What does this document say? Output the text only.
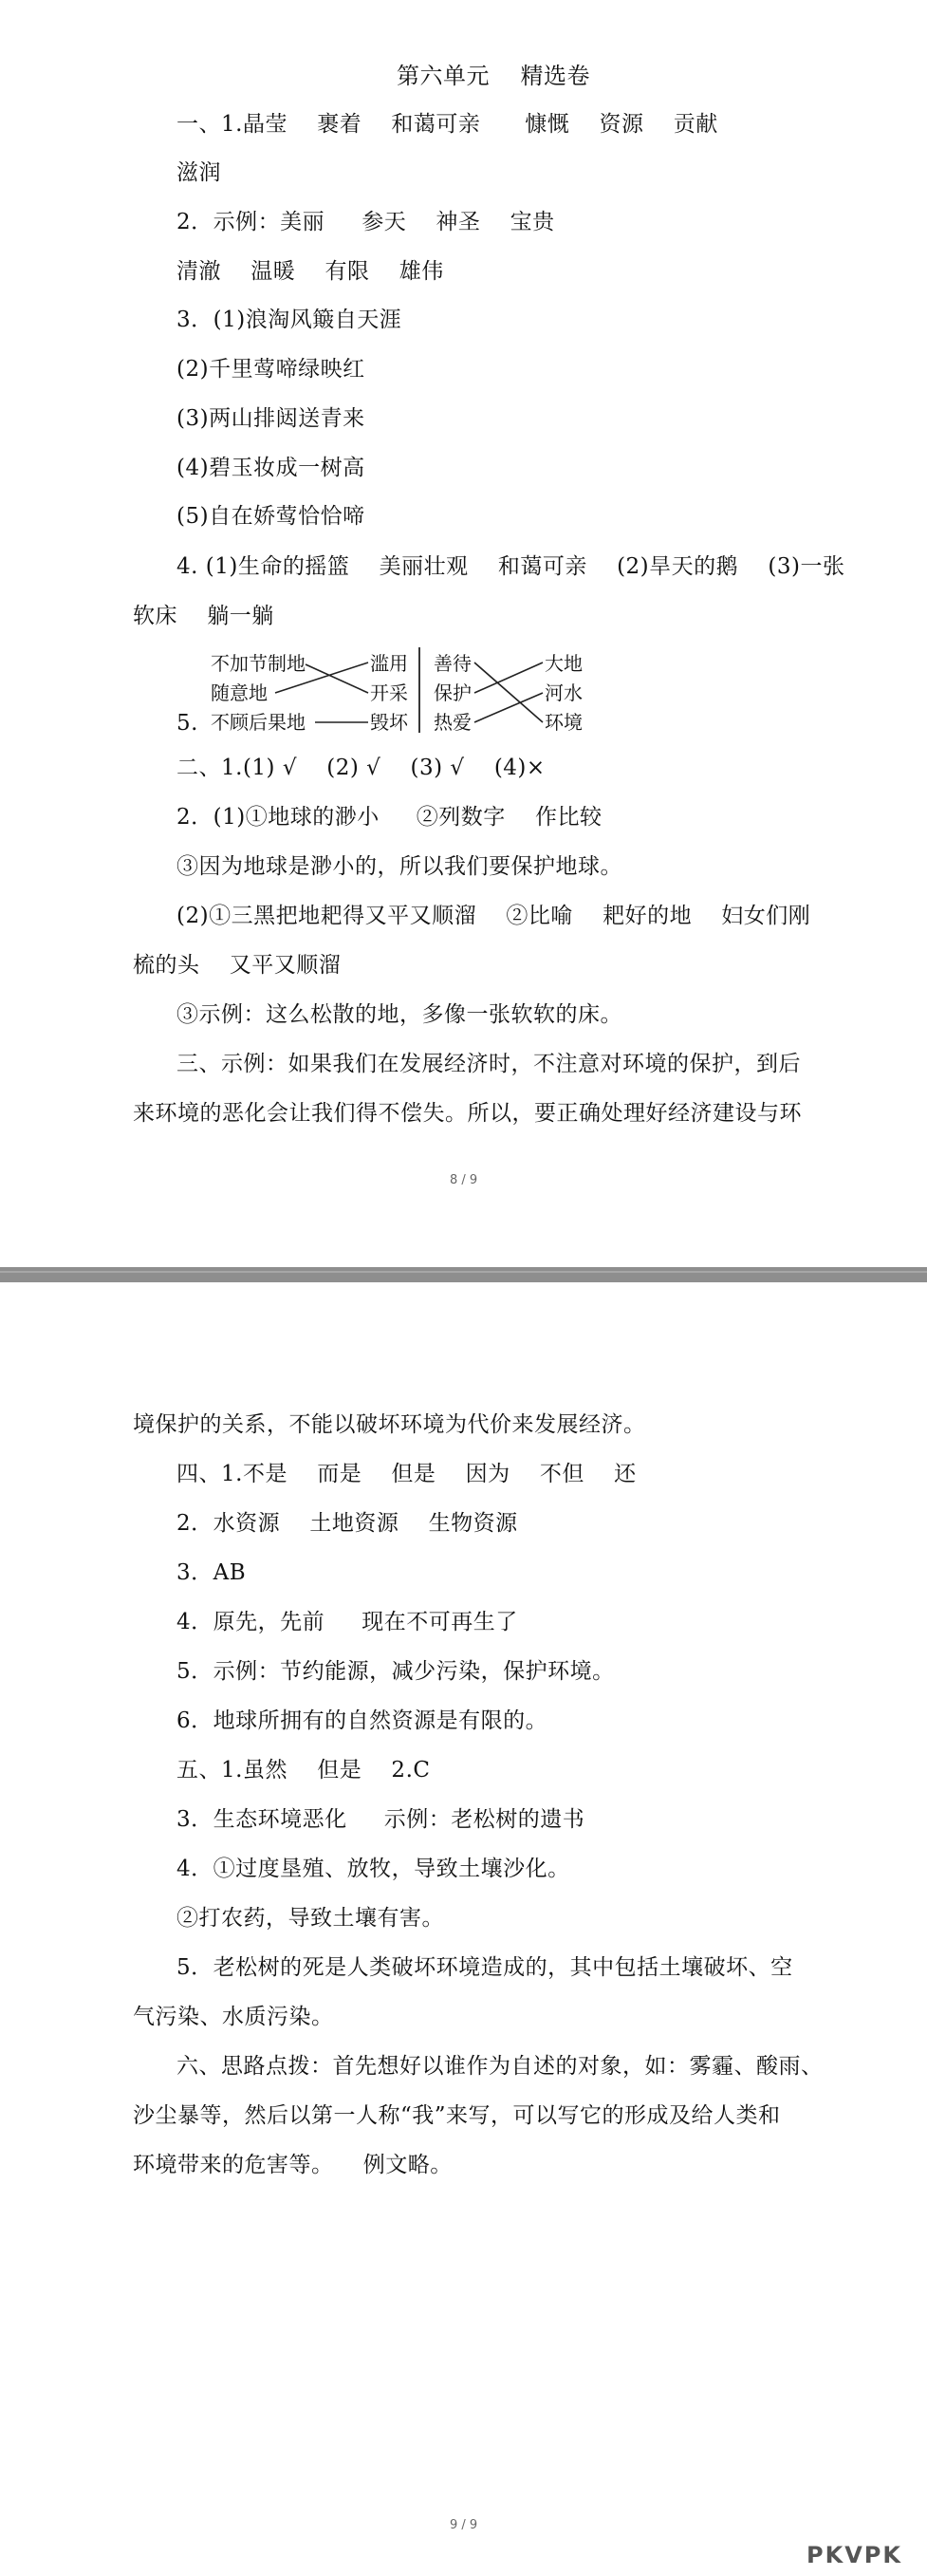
第六单元    精选卷
一、1.晶莹    裹着    和蔼可亲      慷慨    资源    贡献
滋润
2．示例：美丽     参天    神圣    宝贵
清澈    温暖    有限    雄伟
3．(1)浪淘风簸自天涯
(2)千里莺啼绿映红
(3)两山排闼送青来
(4)碧玉妆成一树高
(5)自在娇莺恰恰啼
4. (1)生命的摇篮    美丽壮观    和蔼可亲    (2)旱天的鹅    (3)一张
软床    躺一躺
5.
不加节制地
随意地
不顾后果地
滥用
开采
毁坏
善待
保护
热爱
大地
河水
环境
二、1.(1) √    (2) √    (3) √    (4)×
2．(1)①地球的渺小     ②列数字    作比较
③因为地球是渺小的，所以我们要保护地球。
(2)①三黑把地耙得又平又顺溜    ②比喻    耙好的地    妇女们刚
梳的头    又平又顺溜
③示例：这么松散的地，多像一张软软的床。
三、示例：如果我们在发展经济时，不注意对环境的保护，到后
来环境的恶化会让我们得不偿失。所以，要正确处理好经济建设与环
8 / 9
境保护的关系，不能以破坏环境为代价来发展经济。
四、1.不是    而是    但是    因为    不但    还
2．水资源    土地资源    生物资源
3．AB
4．原先，先前     现在不可再生了
5．示例：节约能源，减少污染，保护环境。
6．地球所拥有的自然资源是有限的。
五、1.虽然    但是    2.C
3．生态环境恶化     示例：老松树的遗书
4．①过度垦殖、放牧，导致土壤沙化。
②打农药，导致土壤有害。
5．老松树的死是人类破坏环境造成的，其中包括土壤破坏、空
气污染、水质污染。
六、思路点拨：首先想好以谁作为自述的对象，如：雾霾、酸雨、
沙尘暴等，然后以第一人称“我”来写，可以写它的形成及给人类和
环境带来的危害等。    例文略。
9 / 9
PKVPK
